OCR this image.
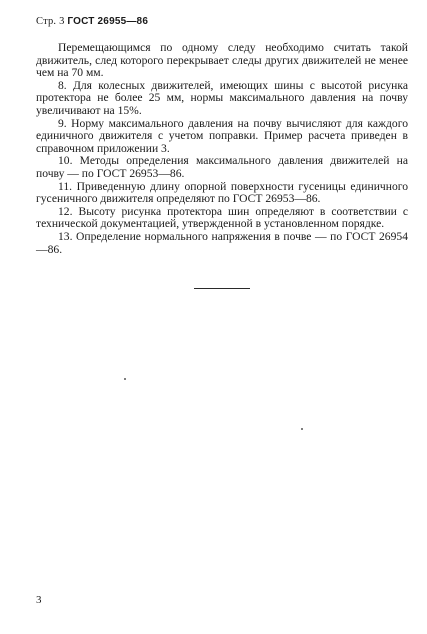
Стр. 3 ГОСТ 26955—86

Перемещающимся по одному следу необходимо считать такой движитель, след которого перекрывает следы других движителей не менее чем на 70 мм.

8. Для колесных движителей, имеющих шины с высотой рисунка протектора не более 25 мм, нормы максимального давления на почву увеличивают на 15%.

9. Норму максимального давления на почву вычисляют для каждого единичного движителя с учетом поправки. Пример расчета приведен в справочном приложении 3.

10. Методы определения максимального давления движителей на почву — по ГОСТ 26953—86.

11. Приведенную длину опорной поверхности гусеницы единичного гусеничного движителя определяют по ГОСТ 26953—86.

12. Высоту рисунка протектора шин определяют в соответствии с технической документацией, утвержденной в установленном порядке.

13. Определение нормального напряжения в почве — по ГОСТ 26954—86.

3
